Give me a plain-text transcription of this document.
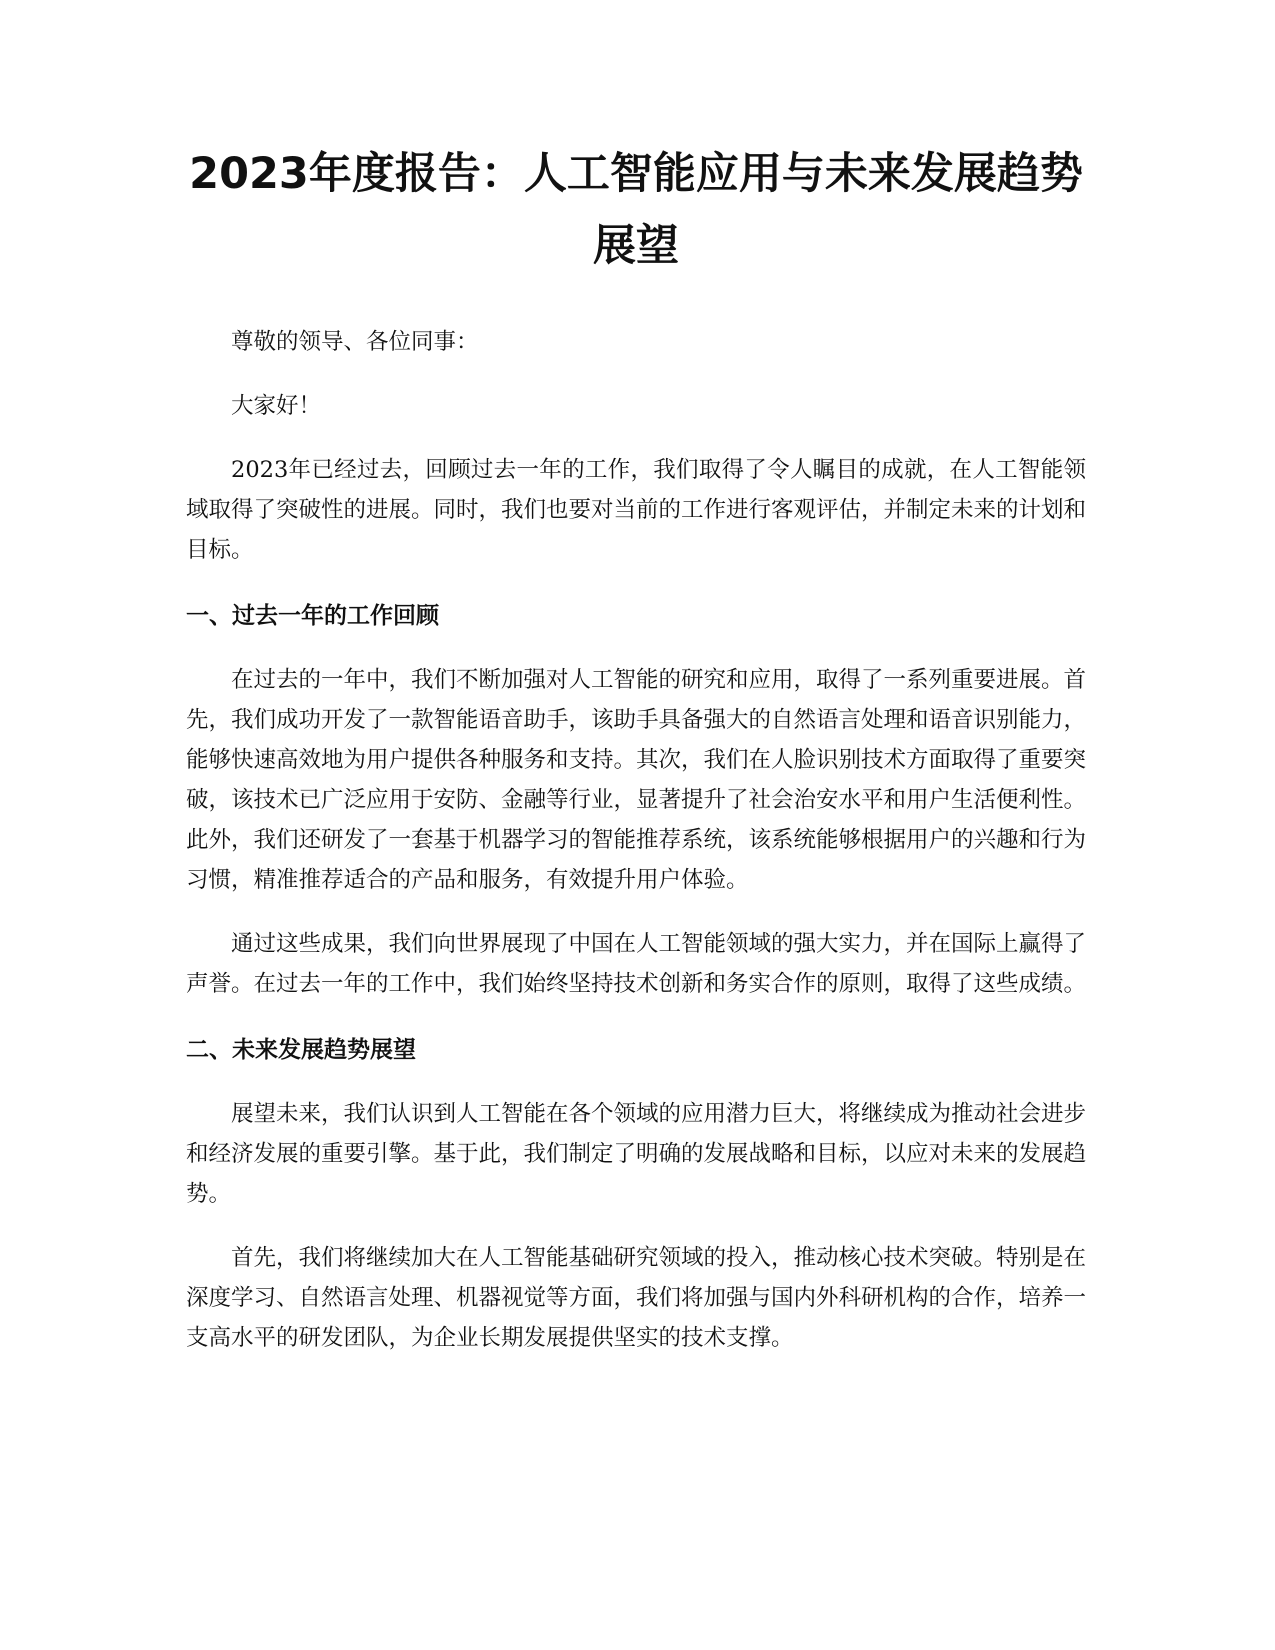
2023年度报告：人工智能应用与未来发展趋势展望

尊敬的领导、各位同事：

大家好！

2023年已经过去，回顾过去一年的工作，我们取得了令人瞩目的成就，在人工智能领域取得了突破性的进展。同时，我们也要对当前的工作进行客观评估，并制定未来的计划和目标。

一、过去一年的工作回顾

在过去的一年中，我们不断加强对人工智能的研究和应用，取得了一系列重要进展。首先，我们成功开发了一款智能语音助手，该助手具备强大的自然语言处理和语音识别能力，能够快速高效地为用户提供各种服务和支持。其次，我们在人脸识别技术方面取得了重要突破，该技术已广泛应用于安防、金融等行业，显著提升了社会治安水平和用户生活便利性。此外，我们还研发了一套基于机器学习的智能推荐系统，该系统能够根据用户的兴趣和行为习惯，精准推荐适合的产品和服务，有效提升用户体验。

通过这些成果，我们向世界展现了中国在人工智能领域的强大实力，并在国际上赢得了声誉。在过去一年的工作中，我们始终坚持技术创新和务实合作的原则，取得了这些成绩。

二、未来发展趋势展望

展望未来，我们认识到人工智能在各个领域的应用潜力巨大，将继续成为推动社会进步和经济发展的重要引擎。基于此，我们制定了明确的发展战略和目标，以应对未来的发展趋势。

首先，我们将继续加大在人工智能基础研究领域的投入，推动核心技术突破。特别是在深度学习、自然语言处理、机器视觉等方面，我们将加强与国内外科研机构的合作，培养一支高水平的研发团队，为企业长期发展提供坚实的技术支撑。
